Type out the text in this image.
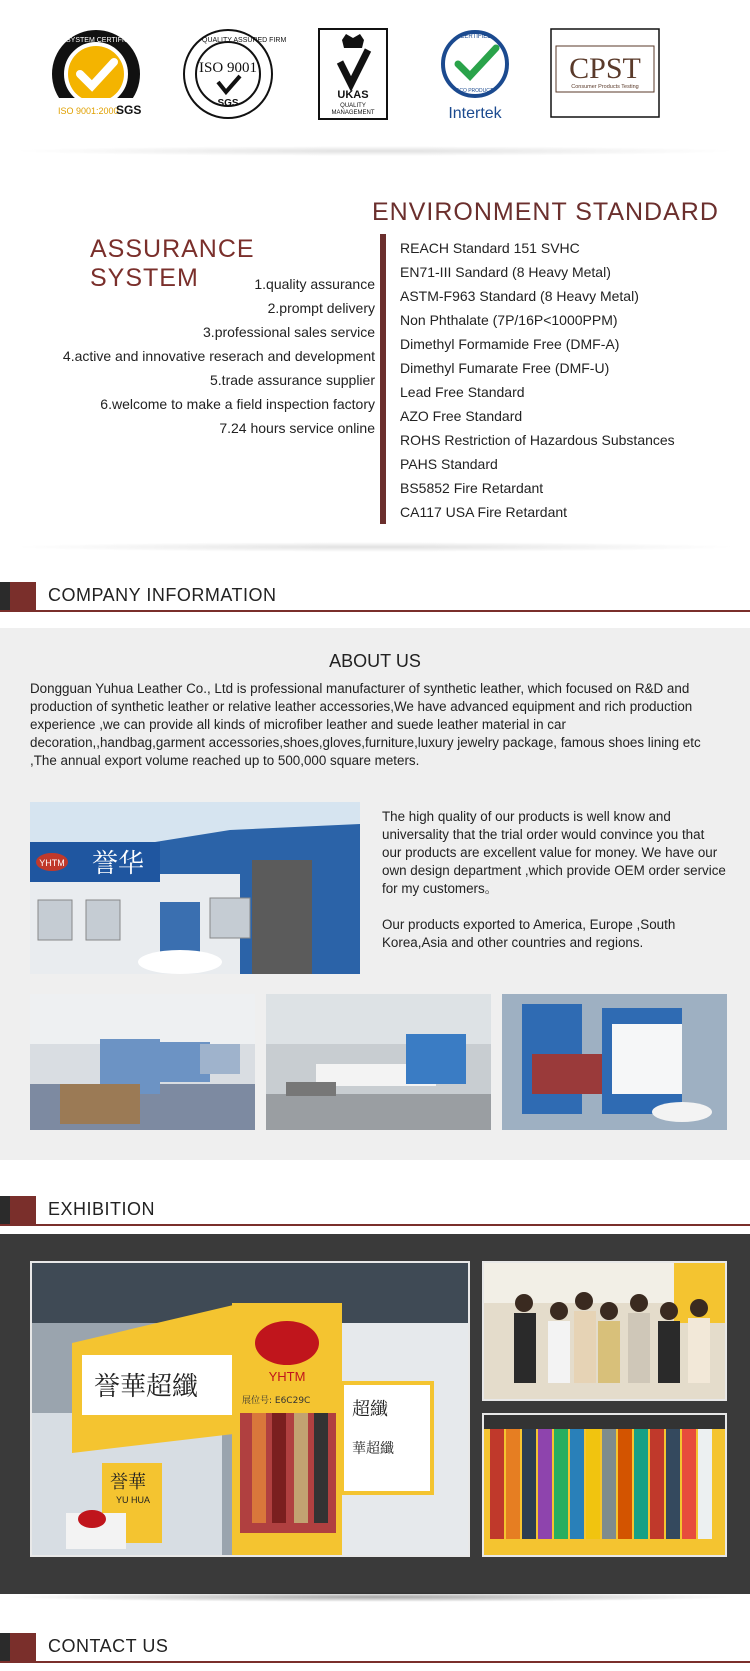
ISO 9001:2000
SGS
SYSTEM CERTIFICATION	QUALITY ASSURED FIRM
ISO 9001
SGS
UKAS
QUALITY
MANAGEMENT
CERTIFIED
ECO PRODUCT
Intertek
CPST
Consumer Products Testing
ENVIRONMENT STANDARD
ASSURANCE SYSTEM	1.quality assurance
2.prompt delivery
3.professional sales service
4.active and innovative reserach and development
5.trade assurance supplier
6.welcome to make a field inspection factory
7.24 hours service online
REACH Standard 151 SVHC
EN71-III Sandard (8 Heavy Metal)
ASTM-F963 Standard (8 Heavy Metal)
Non Phthalate (7P/16P<1000PPM)
Dimethyl Formamide Free (DMF-A)
Dimethyl Fumarate Free (DMF-U)
Lead Free Standard
AZO Free Standard
ROHS Restriction of Hazardous Substances
PAHS Standard
BS5852 Fire Retardant
CA117 USA Fire Retardant
COMPANY INFORMATION
ABOUT US
Dongguan Yuhua Leather Co., Ltd is professional manufacturer of synthetic leather, which focused on R&D and production of synthetic leather or relative leather accessories,We have advanced equipment and rich production experience ,we can provide all kinds of microfiber leather and suede leather material in car decoration,,handbag,garment accessories,shoes,gloves,furniture,luxury jewelry package, famous shoes lining etc ,The annual export volume reached up to 500,000 square meters.
誉华
YHTM

The high quality of our products is well know and universality that the trial order would convince you that our products are excellent value for money. We have our own design department ,which provide OEM order service for my customers。

Our products exported to America, Europe ,South Korea,Asia and other countries and regions.

EXHIBITION
誉華超纖	YHTM
展位号: E6C29C 超纖
華超纖
誉華
YU HUA
CONTACT US
